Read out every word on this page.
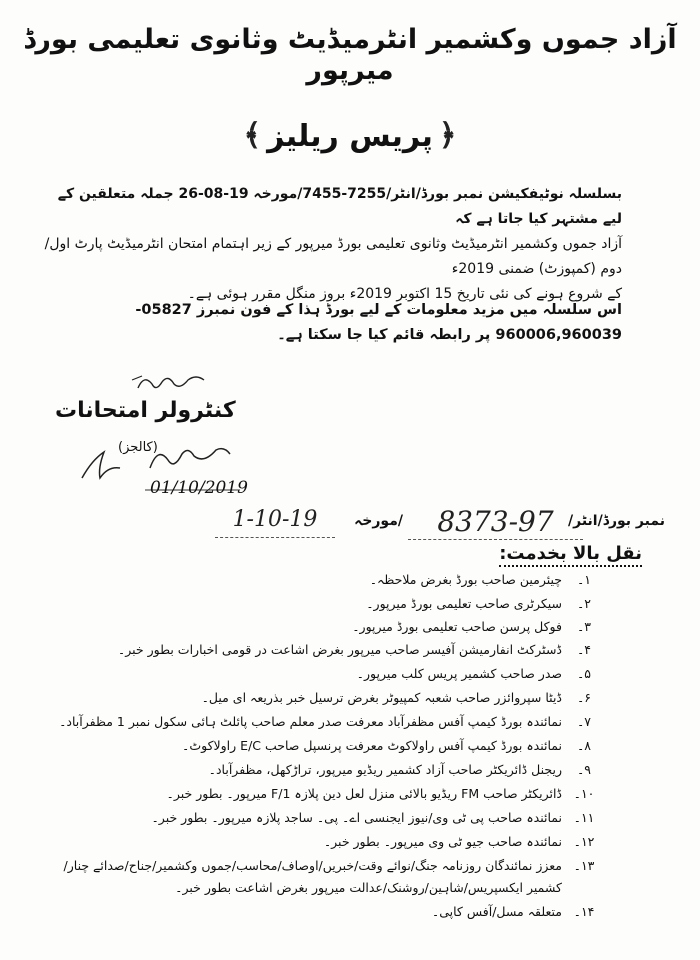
آزاد جموں وکشمیر انٹرمیڈیٹ وثانوی تعلیمی بورڈ میرپور
﴾ پریس ریلیز ﴿
بسلسلہ نوٹیفکیشن نمبر بورڈ/انٹر/7255-7455/مورخہ 19-08-26 جملہ متعلقین کے لیے مشتہر کیا جاتا ہے کہ
آزاد جموں وکشمیر انٹرمیڈیٹ وثانوی تعلیمی بورڈ میرپور کے زیر اہتمام امتحان انٹرمیڈیٹ پارٹ اول/دوم (کمپوزٹ) ضمنی 2019ء
کے شروع ہونے کی نئی تاریخ 15 اکتوبر 2019ء بروز منگل مقرر ہوئی ہے۔
اس سلسلہ میں مزید معلومات کے لیے بورڈ ہذا کے فون نمبرز 05827-960006,960039 پر رابطہ قائم کیا جا سکتا ہے۔
کنٹرولر امتحانات
(کالجز)
01/10/2019
نمبر بورڈ/انٹر/
8373-97
/مورخہ
1-10-19
نقل بالا بخدمت:
۱۔
چیئرمین صاحب بورڈ بغرض ملاحظہ۔
۲۔
سیکرٹری صاحب تعلیمی بورڈ میرپور۔
۳۔
فوکل پرسن صاحب تعلیمی بورڈ میرپور۔
۴۔
ڈسٹرکٹ انفارمیشن آفیسر صاحب میرپور بغرض اشاعت در قومی اخبارات بطور خبر۔
۵۔
صدر صاحب کشمیر پریس کلب میرپور۔
۶۔
ڈیٹا سپروائزر صاحب شعبہ کمپیوٹر بغرض ترسیل خبر بذریعہ ای میل۔
۷۔
نمائندہ بورڈ کیمپ آفس مظفرآباد معرفت صدر معلم صاحب پائلٹ ہائی سکول نمبر 1 مظفرآباد۔
۸۔
نمائندہ بورڈ کیمپ آفس راولاکوٹ معرفت پرنسپل صاحب E/C راولاکوٹ۔
۹۔
ریجنل ڈائریکٹر صاحب آزاد کشمیر ریڈیو میرپور، تراڑکھل، مظفرآباد۔
۱۰۔
ڈائریکٹر صاحب FM ریڈیو بالائی منزل لعل دین پلازہ F/1 میرپور۔ بطور خبر۔
۱۱۔
نمائندہ صاحب پی ٹی وی/نیوز ایجنسی اے۔ پی۔ ساجد پلازہ میرپور۔ بطور خبر۔
۱۲۔
نمائندہ صاحب جیو ٹی وی میرپور۔ بطور خبر۔
۱۳۔
معزز نمائندگان روزنامہ جنگ/نوائے وقت/خبریں/اوصاف/محاسب/جموں وکشمیر/جناح/صدائے چنار/
کشمیر ایکسپریس/شاہین/روشنک/عدالت میرپور بغرض اشاعت بطور خبر۔
۱۴۔
متعلقہ مسل/آفس کاپی۔
